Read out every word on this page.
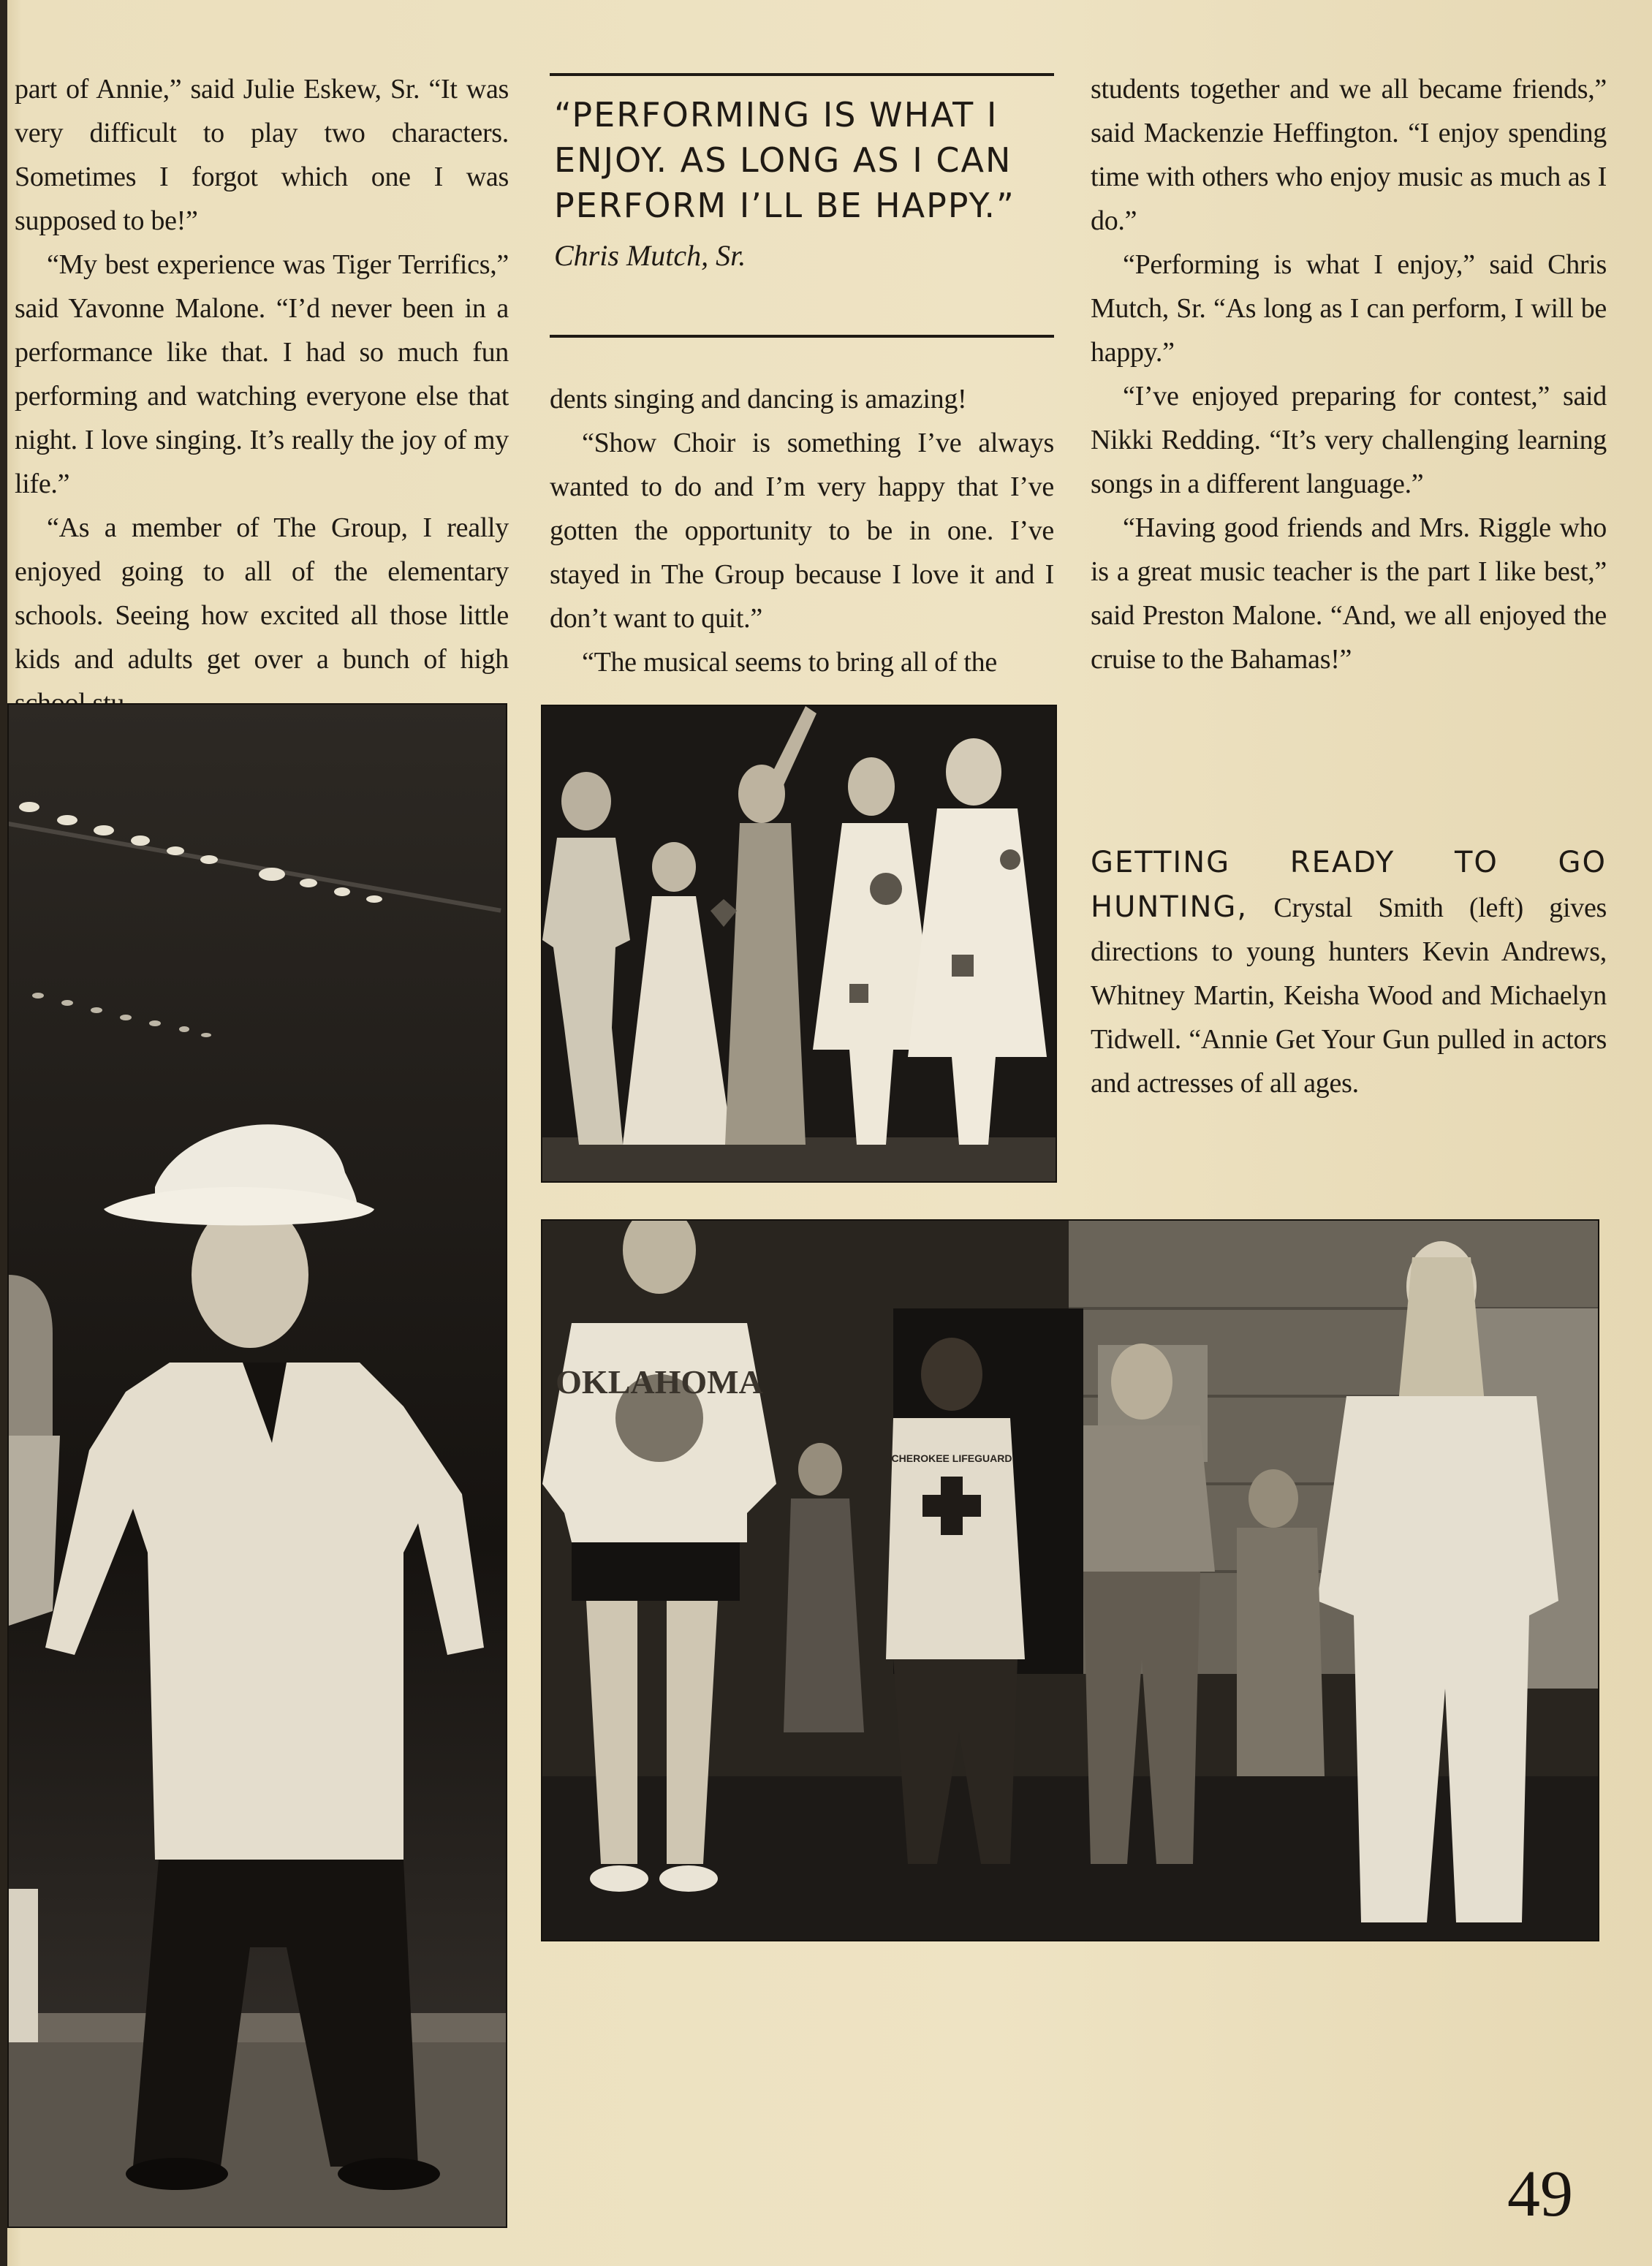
part of Annie,” said Julie Eskew, Sr. “It was very difficult to play two characters. Sometimes I forgot which one I was supposed to be!”

“My best experience was Tiger Terrifics,” said Yavonne Malone. “I’d never been in a performance like that. I had so much fun performing and watching everyone else that night. I love singing. It’s really the joy of my life.”

“As a member of The Group, I really enjoyed going to all of the elementary schools. Seeing how excited all those little kids and adults get over a bunch of high

“PERFORMING IS WHAT I ENJOY. AS LONG AS I CAN PERFORM I’LL BE HAPPY.”

Chris Mutch, Sr.

dents singing and dancing is amazing!

“Show Choir is something I’ve always wanted to do and I’m very happy that I’ve gotten the opportunity to be in one. I’ve stayed in The Group because I love it and I don’t want to quit.”

“The musical seems to bring all of the

students together and we all became friends,” said Mackenzie Heffington. “I enjoy spending time with others who enjoy music as much as I do.”

“Performing is what I enjoy,” said Chris Mutch, Sr. “As long as I can perform, I will be happy.”

“I’ve enjoyed preparing for contest,” said Nikki Redding. “It’s very challenging learning songs in a different language.”

“Having good friends and Mrs. Riggle who is a great music teacher is the part I like best,” said Preston Malone. “And, we all enjoyed the cruise to the Bahamas!”

GETTING READY TO GO HUNTING, Crystal Smith (left) gives directions to young hunters Kevin Andrews, Whitney Martin, Keisha Wood and Michaelyn Tidwell. “Annie Get Your Gun pulled in actors and actresses of all ages.

OKLAHOMA
CHEROKEE LIFEGUARD
49
